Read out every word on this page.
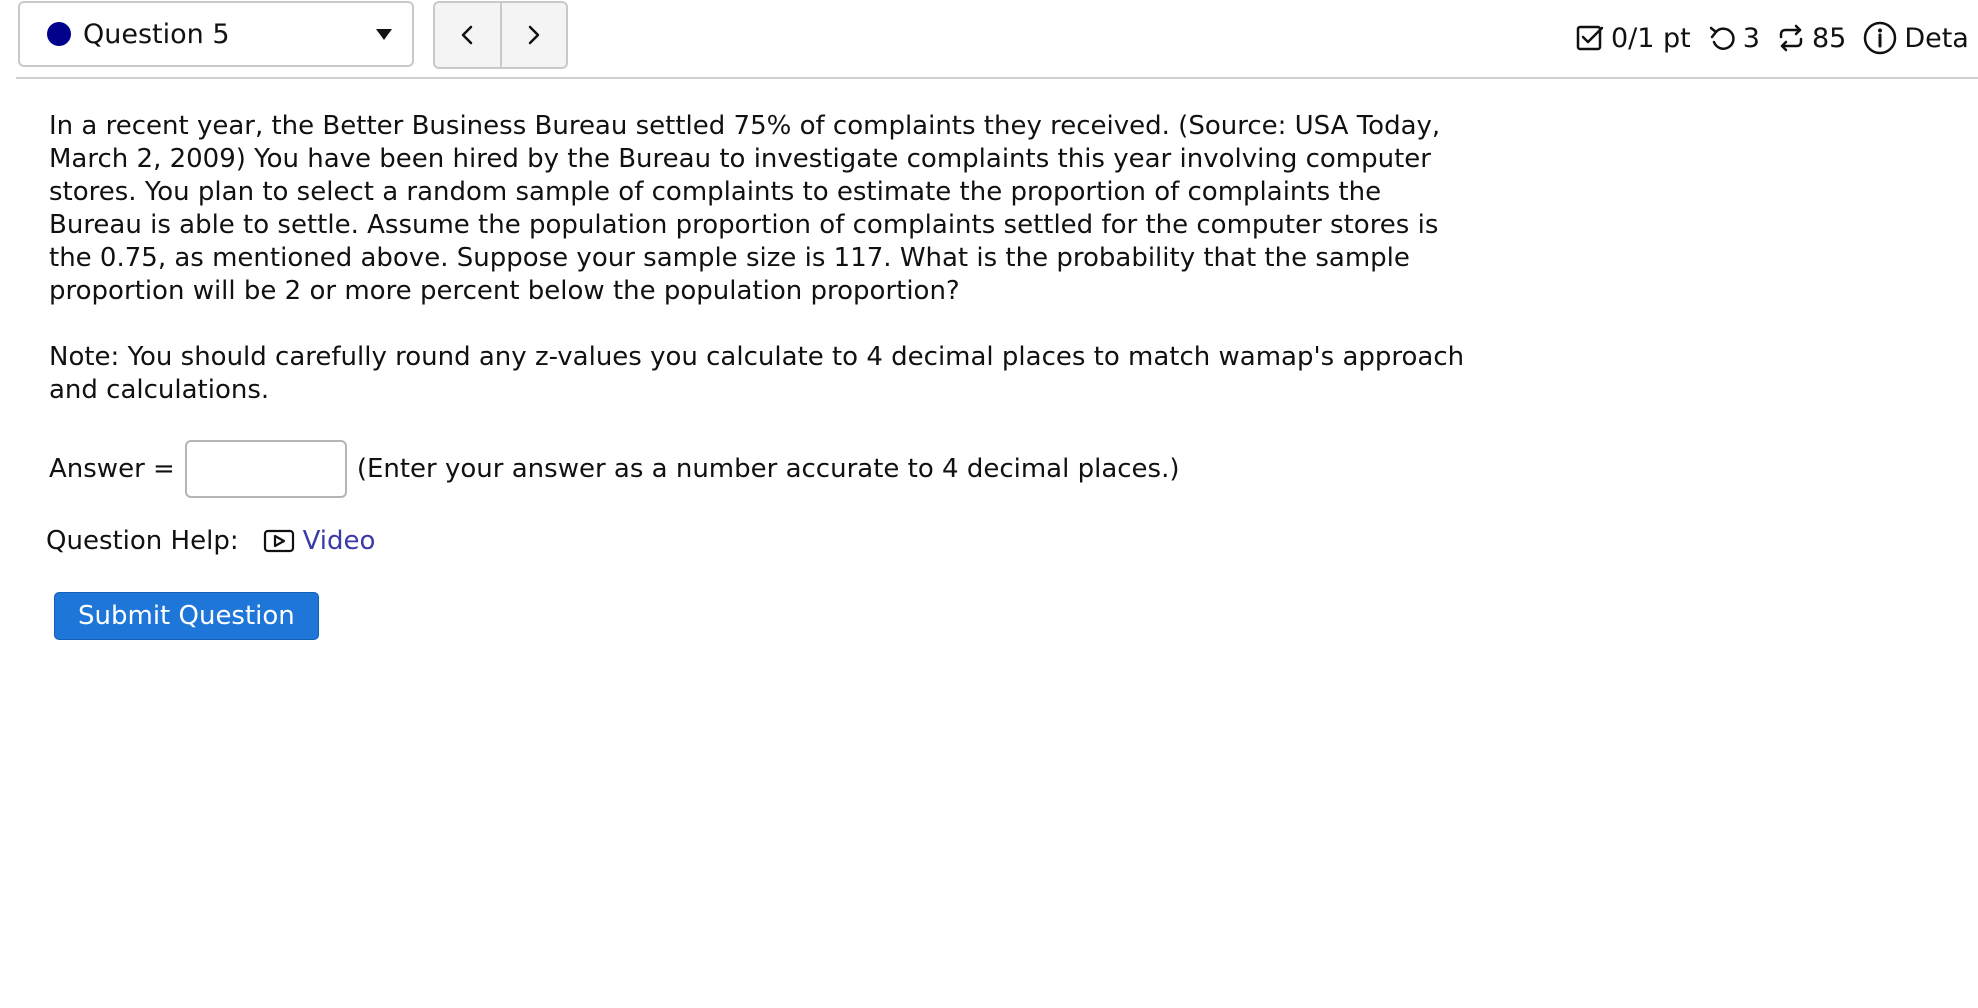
Question 5	0/1 pt 3 85 Deta

In a recent year, the Better Business Bureau settled 75% of complaints they received. (Source: USA Today, March 2, 2009) You have been hired by the Bureau to investigate complaints this year involving computer stores. You plan to select a random sample of complaints to estimate the proportion of complaints the Bureau is able to settle. Assume the population proportion of complaints settled for the computer stores is the 0.75, as mentioned above. Suppose your sample size is 117. What is the probability that the sample proportion will be 2 or more percent below the population proportion?

Note: You should carefully round any z-values you calculate to 4 decimal places to match wamap's approach and calculations.

Answer =	(Enter your answer as a number accurate to 4 decimal places.)
Question Help: Video
Submit Question
